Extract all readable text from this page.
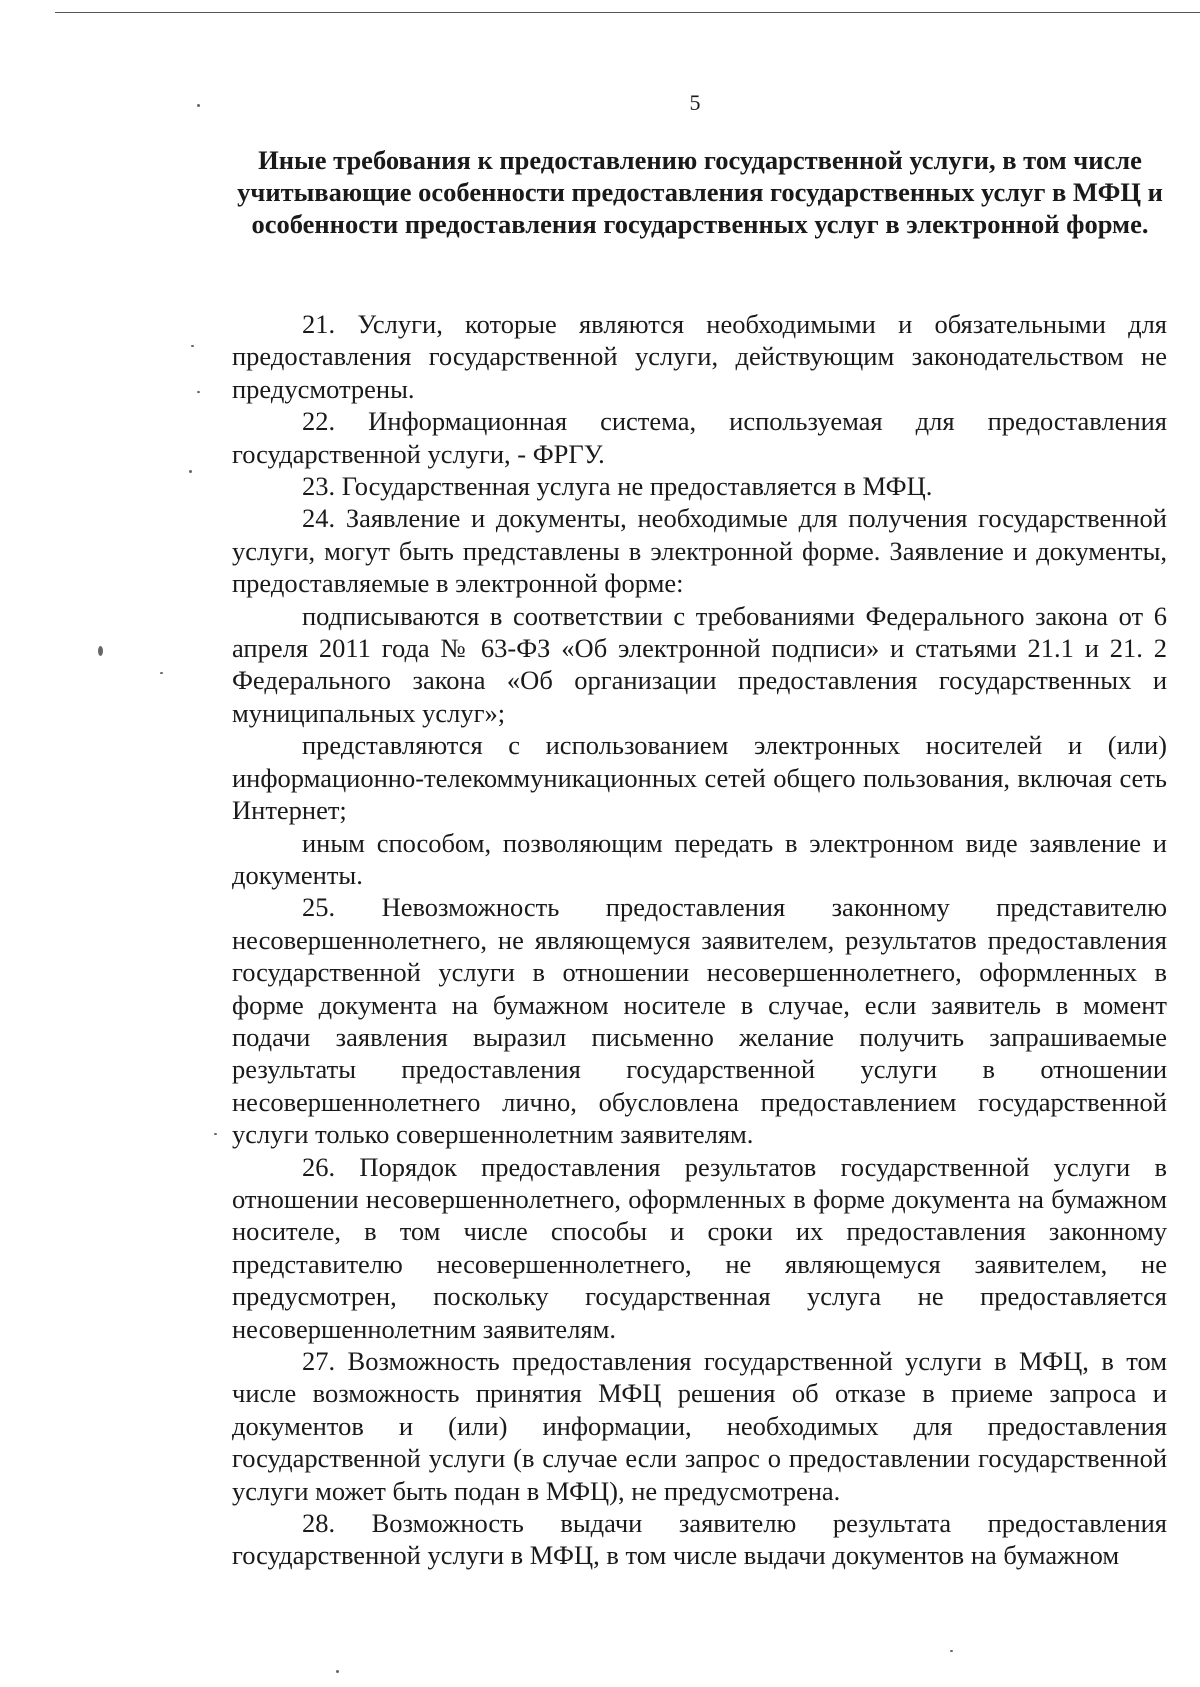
5
Иные требования к предоставлению государственной услуги, в том числе учитывающие особенности предоставления государственных услуг в МФЦ и особенности предоставления государственных услуг в электронной форме.

21. Услуги, которые являются необходимыми и обязательными для предоставления государственной услуги, действующим законодательством не предусмотрены.

22. Информационная система, используемая для предоставления государственной услуги, - ФРГУ.

23. Государственная услуга не предоставляется в МФЦ.

24. Заявление и документы, необходимые для получения государственной услуги, могут быть представлены в электронной форме. Заявление и документы, предоставляемые в электронной форме:

подписываются в соответствии с требованиями Федерального закона от 6 апреля 2011 года № 63-ФЗ «Об электронной подписи» и статьями 21.1 и 21. 2 Федерального закона «Об организации предоставления государственных и муниципальных услуг»;

представляются с использованием электронных носителей и (или) информационно-телекоммуникационных сетей общего пользования, включая сеть Интернет;

иным способом, позволяющим передать в электронном виде заявление и документы.

25. Невозможность предоставления законному представителю несовершеннолетнего, не являющемуся заявителем, результатов предоставления государственной услуги в отношении несовершеннолетнего, оформленных в форме документа на бумажном носителе в случае, если заявитель в момент подачи заявления выразил письменно желание получить запрашиваемые результаты предоставления государственной услуги в отношении несовершеннолетнего лично, обусловлена предоставлением государственной услуги только совершеннолетним заявителям.

26. Порядок предоставления результатов государственной услуги в отношении несовершеннолетнего, оформленных в форме документа на бумажном носителе, в том числе способы и сроки их предоставления законному представителю несовершеннолетнего, не являющемуся заявителем, не предусмотрен, поскольку государственная услуга не предоставляется несовершеннолетним заявителям.

27. Возможность предоставления государственной услуги в МФЦ, в том числе возможность принятия МФЦ решения об отказе в приеме запроса и документов и (или) информации, необходимых для предоставления государственной услуги (в случае если запрос о предоставлении государственной услуги может быть подан в МФЦ), не предусмотрена.

28. Возможность выдачи заявителю результата предоставления государственной услуги в МФЦ, в том числе выдачи документов на бумажном
